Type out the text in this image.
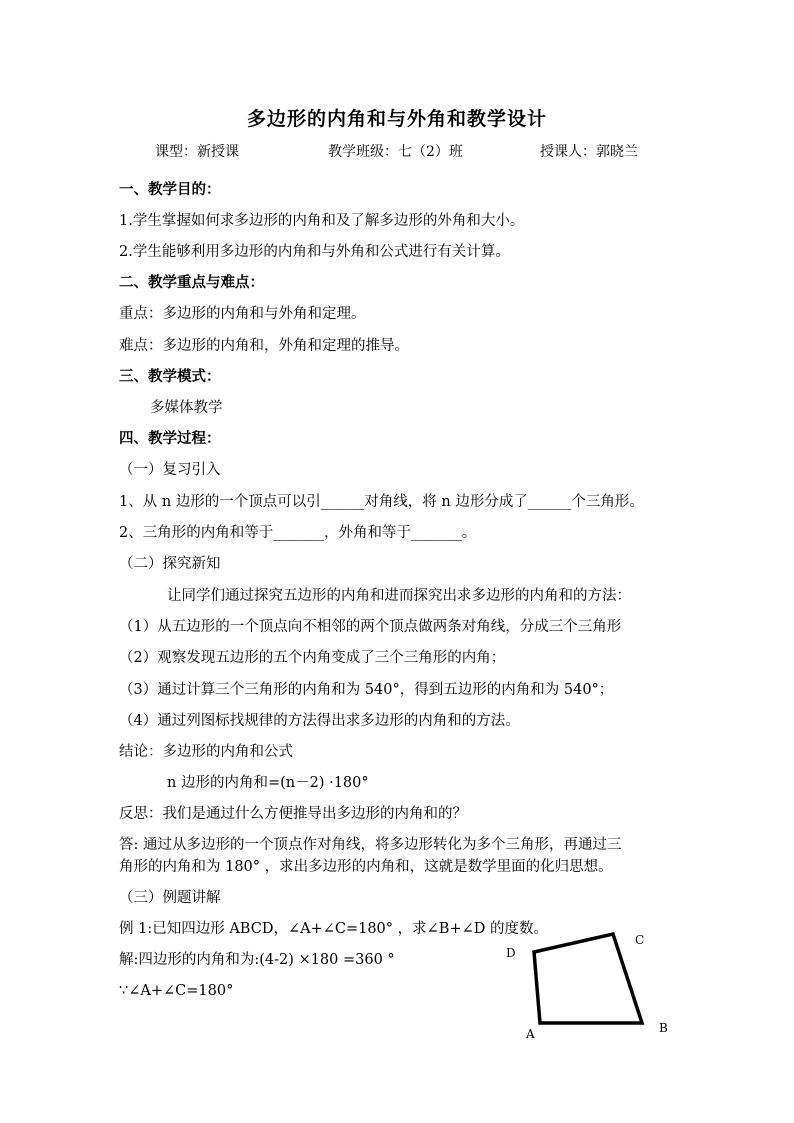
多边形的内角和与外角和教学设计
课型：新授课	教学班级：七（2）班	授课人：郭晓兰
一、教学目的：
1.学生掌握如何求多边形的内角和及了解多边形的外角和大小。
2.学生能够利用多边形的内角和与外角和公式进行有关计算。
二、教学重点与难点：
重点：多边形的内角和与外角和定理。
难点：多边形的内角和，外角和定理的推导。
三、教学模式：
多媒体教学
四、教学过程：
（一）复习引入
1、从 n 边形的一个顶点可以引______对角线，将 n 边形分成了______个三角形。
2、三角形的内角和等于_______，外角和等于_______。
（二）探究新知
让同学们通过探究五边形的内角和进而探究出求多边形的内角和的方法：
（1）从五边形的一个顶点向不相邻的两个顶点做两条对角线，分成三个三角形
（2）观察发现五边形的五个内角变成了三个三角形的内角；
（3）通过计算三个三角形的内角和为 540°，得到五边形的内角和为 540°；
（4）通过列图标找规律的方法得出求多边形的内角和的方法。
结论：多边形的内角和公式
n 边形的内角和=(n－2) ·180°
反思：我们是通过什么方便推导出多边形的内角和的？
答: 通过从多边形的一个顶点作对角线，将多边形转化为多个三角形，再通过三
角形的内角和为 180° ，求出多边形的内角和，这就是数学里面的化归思想。
（三）例题讲解
例 1:已知四边形 ABCD，∠A+∠C=180° ，求∠B+∠D 的度数。
解:四边形的内角和为:(4-2) ×180 =360 °
∵∠A+∠C=180°
D
C
A	B
